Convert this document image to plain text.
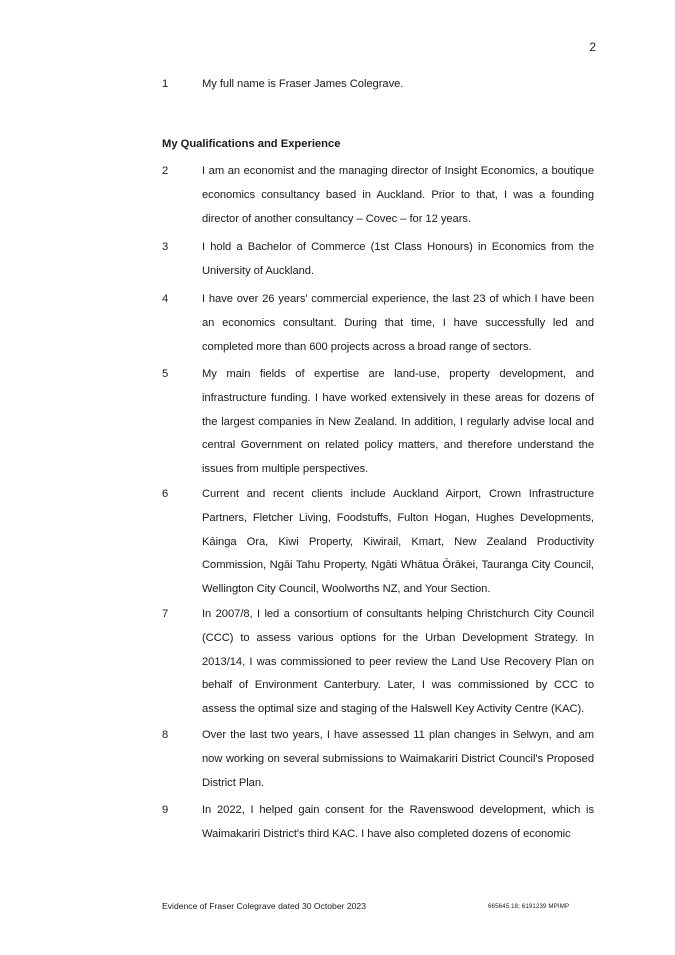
2
1	My full name is Fraser James Colegrave.
My Qualifications and Experience
2	I am an economist and the managing director of Insight Economics, a boutique economics consultancy based in Auckland. Prior to that, I was a founding director of another consultancy – Covec – for 12 years.
3	I hold a Bachelor of Commerce (1st Class Honours) in Economics from the University of Auckland.
4	I have over 26 years' commercial experience, the last 23 of which I have been an economics consultant. During that time, I have successfully led and completed more than 600 projects across a broad range of sectors.
5	My main fields of expertise are land-use, property development, and infrastructure funding. I have worked extensively in these areas for dozens of the largest companies in New Zealand. In addition, I regularly advise local and central Government on related policy matters, and therefore understand the issues from multiple perspectives.
6	Current and recent clients include Auckland Airport, Crown Infrastructure Partners, Fletcher Living, Foodstuffs, Fulton Hogan, Hughes Developments, Kāinga Ora, Kiwi Property, Kiwirail, Kmart, New Zealand Productivity Commission, Ngāi Tahu Property, Ngāti Whātua Ōrākei, Tauranga City Council, Wellington City Council, Woolworths NZ, and Your Section.
7	In 2007/8, I led a consortium of consultants helping Christchurch City Council (CCC) to assess various options for the Urban Development Strategy. In 2013/14, I was commissioned to peer review the Land Use Recovery Plan on behalf of Environment Canterbury. Later, I was commissioned by CCC to assess the optimal size and staging of the Halswell Key Activity Centre (KAC).
8	Over the last two years, I have assessed 11 plan changes in Selwyn, and am now working on several submissions to Waimakariri District Council's Proposed District Plan.
9	In 2022, I helped gain consent for the Ravenswood development, which is Waimakariri District's third KAC. I have also completed dozens of economic
Evidence of Fraser Colegrave dated 30 October 2023	665645.18; 6191239 MPIMP
